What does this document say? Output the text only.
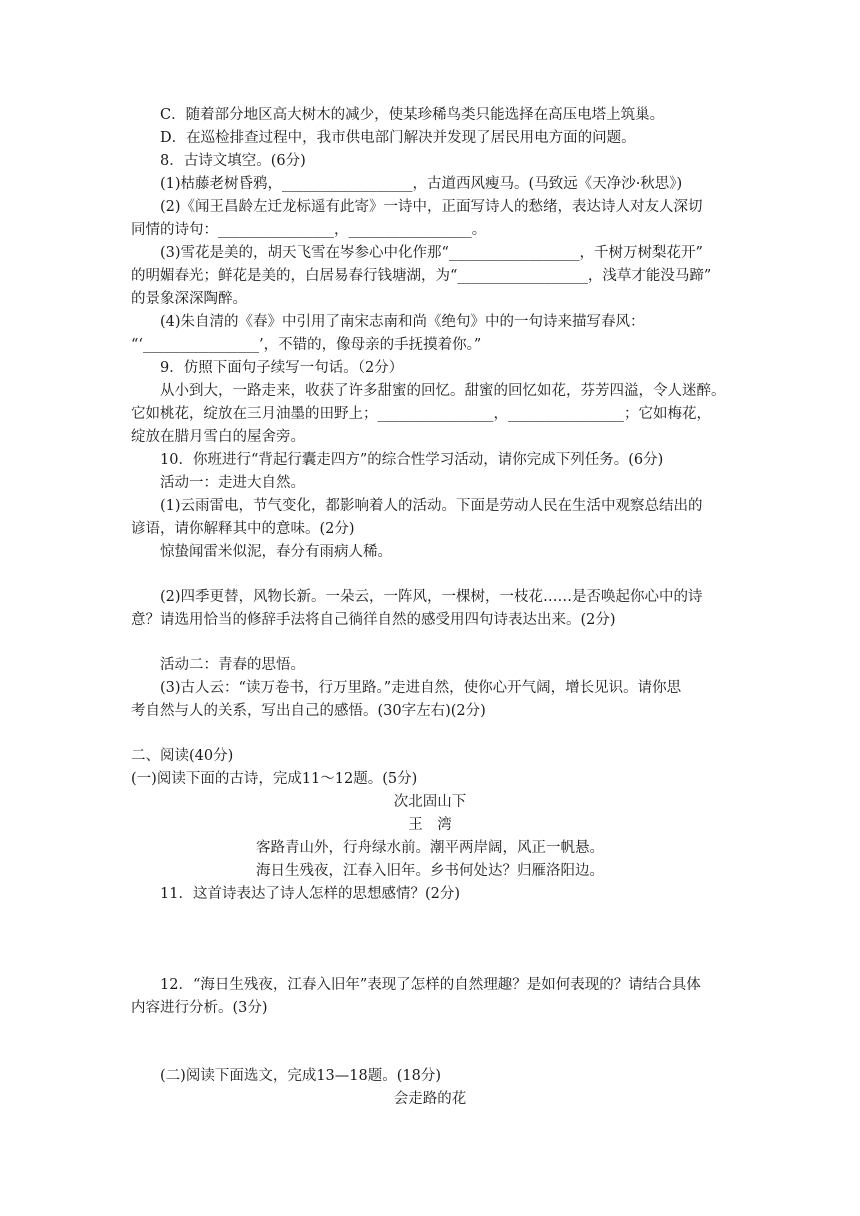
C．随着部分地区高大树木的减少，使某珍稀鸟类只能选择在高压电塔上筑巢。
D．在巡检排查过程中，我市供电部门解决并发现了居民用电方面的问题。
8．古诗文填空。(6分)
(1)枯藤老树昏鸦，__________________，古道西风瘦马。(马致远《天净沙·秋思》)
(2)《闻王昌龄左迁龙标遥有此寄》一诗中，正面写诗人的愁绪，表达诗人对友人深切
同情的诗句：________________，_________________。
(3)雪花是美的，胡天飞雪在岑参心中化作那“__________________，千树万树梨花开”
的明媚春光；鲜花是美的，白居易春行钱塘湖，为“__________________，浅草才能没马蹄”
的景象深深陶醉。
(4)朱自清的《春》中引用了南宋志南和尚《绝句》中的一句诗来描写春风：
“‘________________’，不错的，像母亲的手抚摸着你。”
9．仿照下面句子续写一句话。（2分）
从小到大，一路走来，收获了许多甜蜜的回忆。甜蜜的回忆如花，芬芳四溢，令人迷醉。
它如桃花，绽放在三月油墨的田野上；________________，________________；它如梅花，
绽放在腊月雪白的屋舍旁。
10．你班进行“背起行囊走四方”的综合性学习活动，请你完成下列任务。(6分)
活动一：走进大自然。
(1)云雨雷电，节气变化，都影响着人的活动。下面是劳动人民在生活中观察总结出的
谚语，请你解释其中的意味。(2分)
惊蛰闻雷米似泥，春分有雨病人稀。
(2)四季更替，风物长新。一朵云，一阵风，一棵树，一枝花……是否唤起你心中的诗
意？请选用恰当的修辞手法将自己徜徉自然的感受用四句诗表达出来。(2分)
活动二：青春的思悟。
(3)古人云：“读万卷书，行万里路。”走进自然，使你心开气阔，增长见识。请你思
考自然与人的关系，写出自己的感悟。(30字左右)(2分)
二、阅读(40分)
(一)阅读下面的古诗，完成11～12题。(5分)
次北固山下
王　湾
客路青山外，行舟绿水前。潮平两岸阔，风正一帆悬。
海日生残夜，江春入旧年。乡书何处达？归雁洛阳边。
11．这首诗表达了诗人怎样的思想感情？(2分)
12．“海日生残夜，江春入旧年”表现了怎样的自然理趣？是如何表现的？请结合具体
内容进行分析。(3分)
(二)阅读下面选文，完成13—18题。(18分)
会走路的花
